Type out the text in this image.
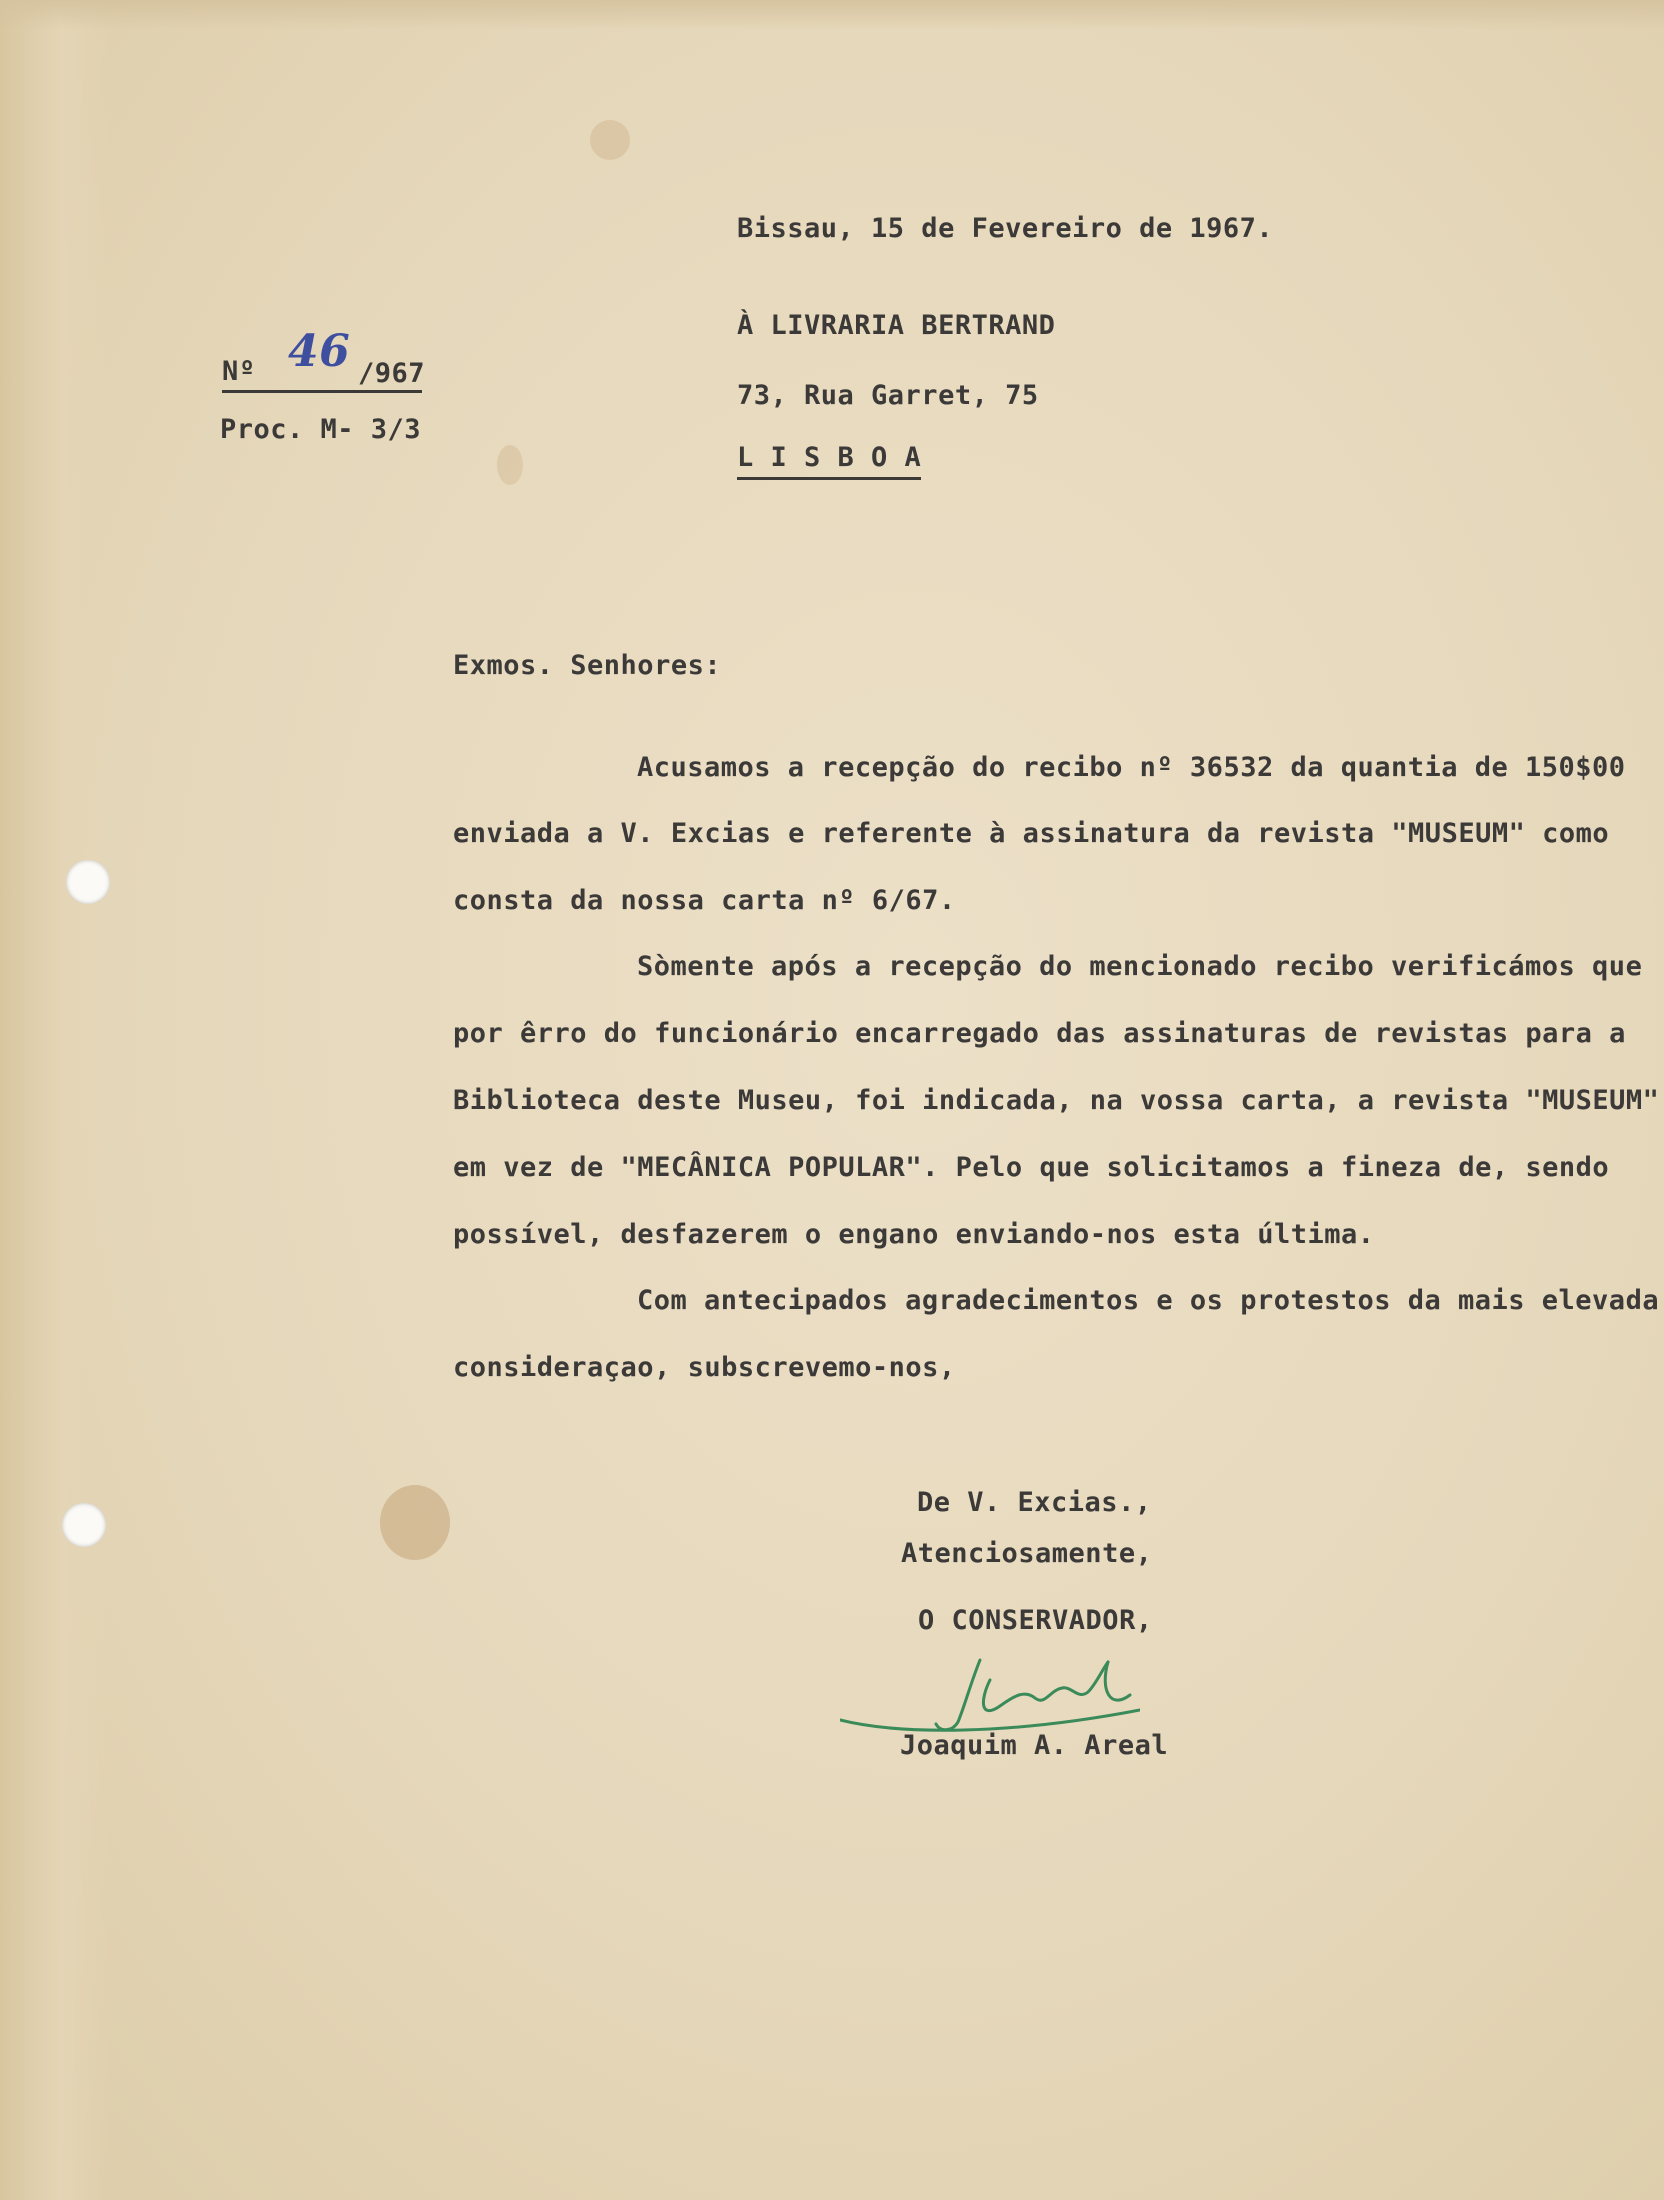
Bissau, 15 de Fevereiro de 1967.
Nº 46 /967
Proc. M- 3/3
À LIVRARIA BERTRAND
73, Rua Garret, 75
L I S B O A
Exmos. Senhores:
Acusamos a recepção do recibo nº 36532 da quantia de 150$00
enviada a V. Excias e referente à assinatura da revista "MUSEUM" como
consta da nossa carta nº 6/67.
Sòmente após a recepção do mencionado recibo verificámos que
por êrro do funcionário encarregado das assinaturas de revistas para a
Biblioteca deste Museu, foi indicada, na vossa carta, a revista "MUSEUM"
em vez de "MECÂNICA POPULAR". Pelo que solicitamos a fineza de, sendo
possível, desfazerem o engano enviando-nos esta última.
Com antecipados agradecimentos e os protestos da mais elevada
consideraçao, subscrevemo-nos,
De V. Excias.,
Atenciosamente,
O CONSERVADOR,
Joaquim A. Areal
